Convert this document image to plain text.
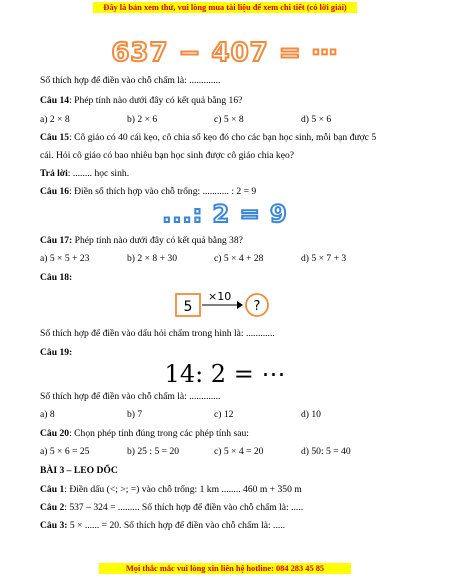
Đây là bản xem thử, vui lòng mua tài liệu để xem chi tiết (có lời giải)
637 − 407 = ⋯
Số thích hợp để điền vào chỗ chấm là: .............
Câu 14: Phép tính nào dưới đây có kết quả bằng 16?
a) 2 × 8	b) 2 × 6	c) 5 × 8	d) 5 × 6
Câu 15: Cô giáo có 40 cái kẹo, cô chia số kẹo đó cho các bạn học sinh, mỗi bạn được 5
cái. Hỏi cô giáo có bao nhiêu bạn học sinh được cô giáo chia kẹo?
Trả lời: ........ học sinh.
Câu 16: Điền số thích hợp vào chỗ trống: ........... : 2 = 9
...: 2 = 9
Câu 17: Phép tính nào dưới đây có kết quả bằng 38?
a) 5 × 5 + 23	b) 2 × 8 + 30	c) 5 × 4 + 28	d) 5 × 7 + 3
Câu 18:
5
×10
?
Số thích hợp để điền vào dấu hỏi chấm trong hình là: ............
Câu 19:
14: 2 = ⋯
Số thích hợp để điền vào chỗ chấm là: .............
a) 8	b) 7	c) 12	d) 10
Câu 20: Chọn phép tính đúng trong các phép tính sau:
a) 5 × 6 = 25	b) 25 : 5 = 20	c) 5 × 4 = 20	d) 50: 5 = 40
BÀI 3 – LEO DỐC
Câu 1: Điền dấu (<; >; =) vào chỗ trống: 1 km ........ 460 m + 350 m
Câu 2: 537 – 324 = ......... Số thích hợp để điền vào chỗ chấm là: .....
Câu 3: 5 × ...... = 20. Số thích hợp để điền vào chỗ chấm là: .....
Mọi thắc mắc vui lòng xin liên hệ hotline: 084 283 45 85
